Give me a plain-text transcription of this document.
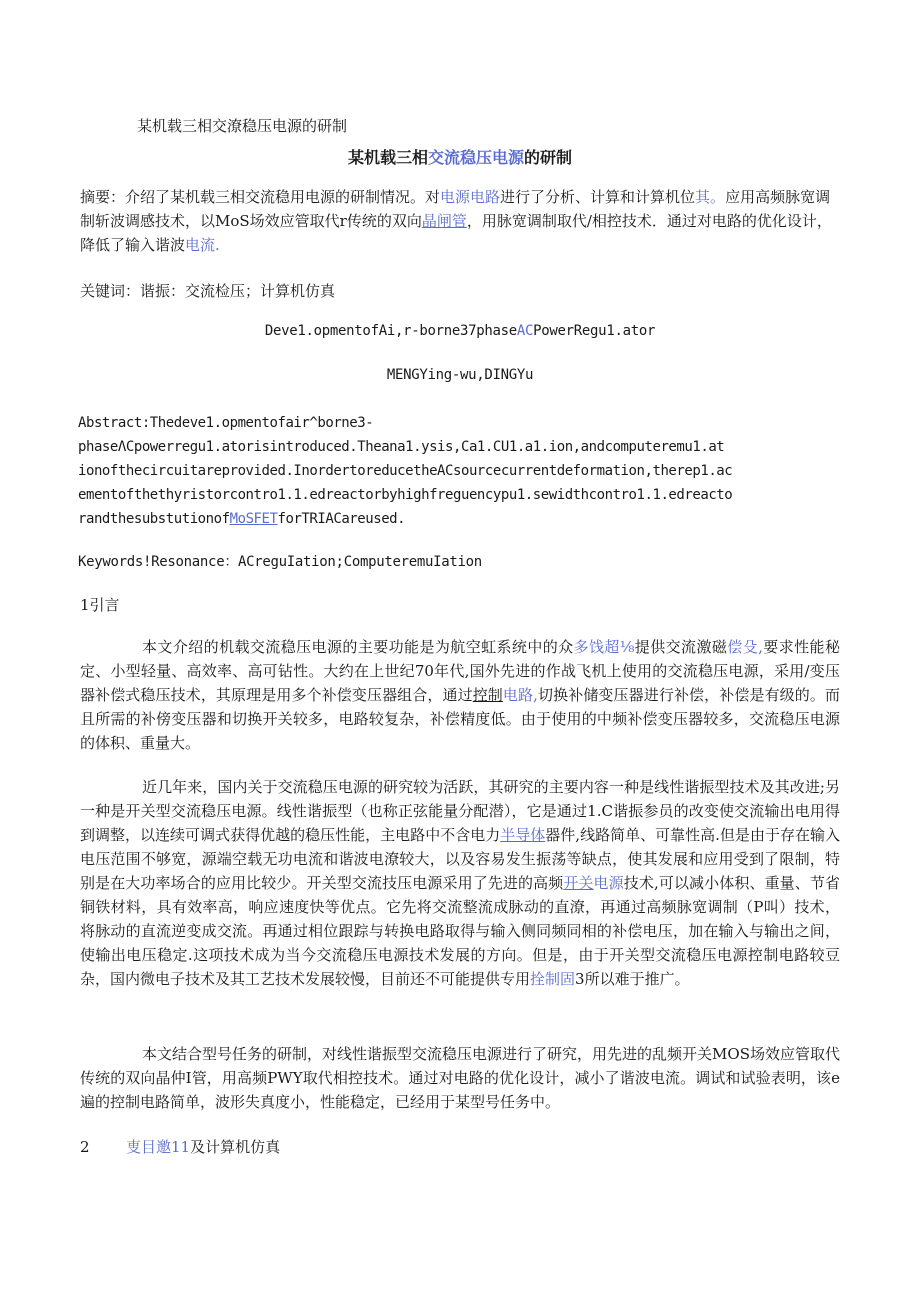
某机载三相交潦稳压电源的研制
某机载三相交流稳压电源的研制
摘要：介绍了某机载三相交流稳用电源的研制情况。对电源电路进行了分析、计算和计算机位其。应用高频脉宽调制斩波调感技术，以MoS场效应管取代r传统的双向晶闸管，用脉宽调制取代/相控技术．通过对电路的优化设计，降低了输入谐波电流.
关键词：谐振：交流检压；计算机仿真
Deve1.opmentofAi,r-borne37phaseACPowerRegu1.ator
MENGYing-wu,DINGYu
Abstract:Thedeve1.opmentofair^borne3-
phaseΛCpowerregu1.atorisintroduced.Theana1.ysis,Ca1.CU1.a1.ion,andcomputeremu1.at
ionofthecircuitareprovided.InordertoreducetheACsourcecurrentdeformation,therep1.ac
ementofthethyristorcontro1.1.edreactorbyhighfreguencypu1.sewidthcontro1.1.edreacto
randthesubstutionofMoSFETforTRIACareused.
Keywords!Resonance：ACreguIation;ComputeremuIation
1引言
本文介绍的机载交流稳压电源的主要功能是为航空虹系统中的众多饯超⅛提供交流激磁偿殳,要求性能秘定、小型轻量、高效率、高可钻性。大约在上世纪70年代,国外先进的作战飞机上使用的交流稳压电源，采用/变压器补偿式稳压技术，其原理是用多个补偿变压器组合，通过控制电路,切换补储变压器进行补偿，补偿是有级的。而且所需的补傍变压器和切换开关较多，电路较复杂，补偿精度低。由于使用的中频补偿变压器较多，交流稳压电源的体积、重量大。
近几年来，国内关于交流稳压电源的研究较为活跃，其研究的主要内容一种是线性谐振型技术及其改进;另一种是开关型交流稳压电源。线性谐振型（也称正弦能量分配潜），它是通过1.C谐振参员的改变使交流输出电用得到调整，以连续可调式获得优越的稳压性能，主电路中不含电力半导体器件,线路简单、可靠性高.但是由于存在输入电压范围不够宽，源端空载无功电流和谐波电潦较大，以及容易发生振荡等缺点，使其发展和应用受到了限制，特别是在大功率场合的应用比较少。开关型交流技压电源采用了先进的高频开关电源技术,可以减小体积、重量、节省铜铁材料，具有效率高，响应速度快等优点。它先将交流整流成脉动的直潦，再通过高频脉宽调制（P叫）技术，将脉动的直流逆变成交流。再通过相位跟踪与转换电路取得与输入侧同频同相的补偿电压，加在输入与输出之间，使输出电压稳定.这项技术成为当今交流稳压电源技术发展的方向。但是，由于开关型交流稳压电源控制电路较豆杂，国内微电子技术及其工艺技术发展较慢，目前还不可能提供专用拴制固3所以难于推广。
本文结合型号任务的研制，对线性谐振型交流稳压电源进行了研究，用先进的乱频开关MOS场效应管取代传统的双向晶仲I管，用高频PWY取代相控技术。通过对电路的优化设计，减小了谐波电流。调试和试验表明，该e遍的控制电路简单，波形失真度小，性能稳定，已经用于某型号任务中。
2 叓目邀11及计算机仿真
